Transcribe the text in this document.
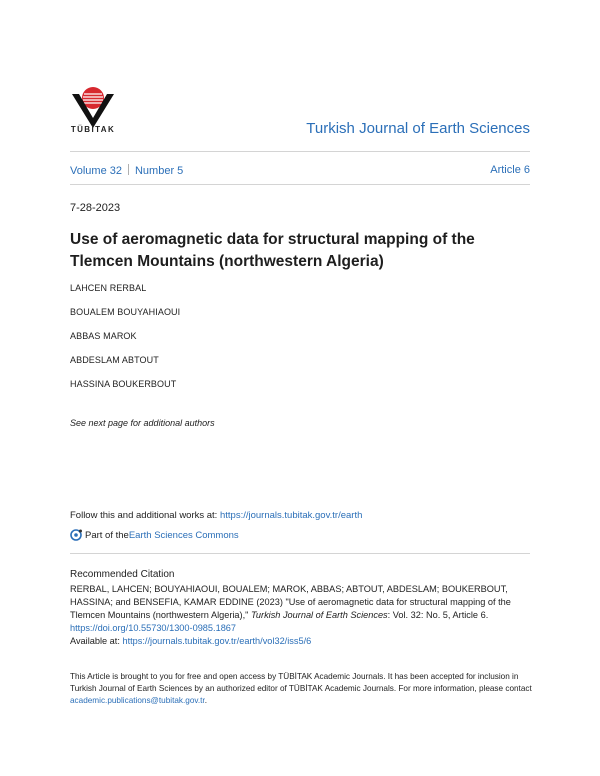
TÜBİTAK	Turkish Journal of Earth Sciences
Volume 32 Number 5	Article 6
7-28-2023
Use of aeromagnetic data for structural mapping of the Tlemcen Mountains (northwestern Algeria)
LAHCEN RERBAL
BOUALEM BOUYAHIAOUI
ABBAS MAROK
ABDESLAM ABTOUT
HASSINA BOUKERBOUT
See next page for additional authors
Follow this and additional works at: https://journals.tubitak.gov.tr/earth
Part of the Earth Sciences Commons
Recommended Citation
RERBAL, LAHCEN; BOUYAHIAOUI, BOUALEM; MAROK, ABBAS; ABTOUT, ABDESLAM; BOUKERBOUT, HASSINA; and BENSEFIA, KAMAR EDDINE (2023) "Use of aeromagnetic data for structural mapping of the Tlemcen Mountains (northwestern Algeria)," Turkish Journal of Earth Sciences: Vol. 32: No. 5, Article 6. https://doi.org/10.55730/1300-0985.1867
Available at: https://journals.tubitak.gov.tr/earth/vol32/iss5/6
This Article is brought to you for free and open access by TÜBİTAK Academic Journals. It has been accepted for inclusion in Turkish Journal of Earth Sciences by an authorized editor of TÜBİTAK Academic Journals. For more information, please contact academic.publications@tubitak.gov.tr.
